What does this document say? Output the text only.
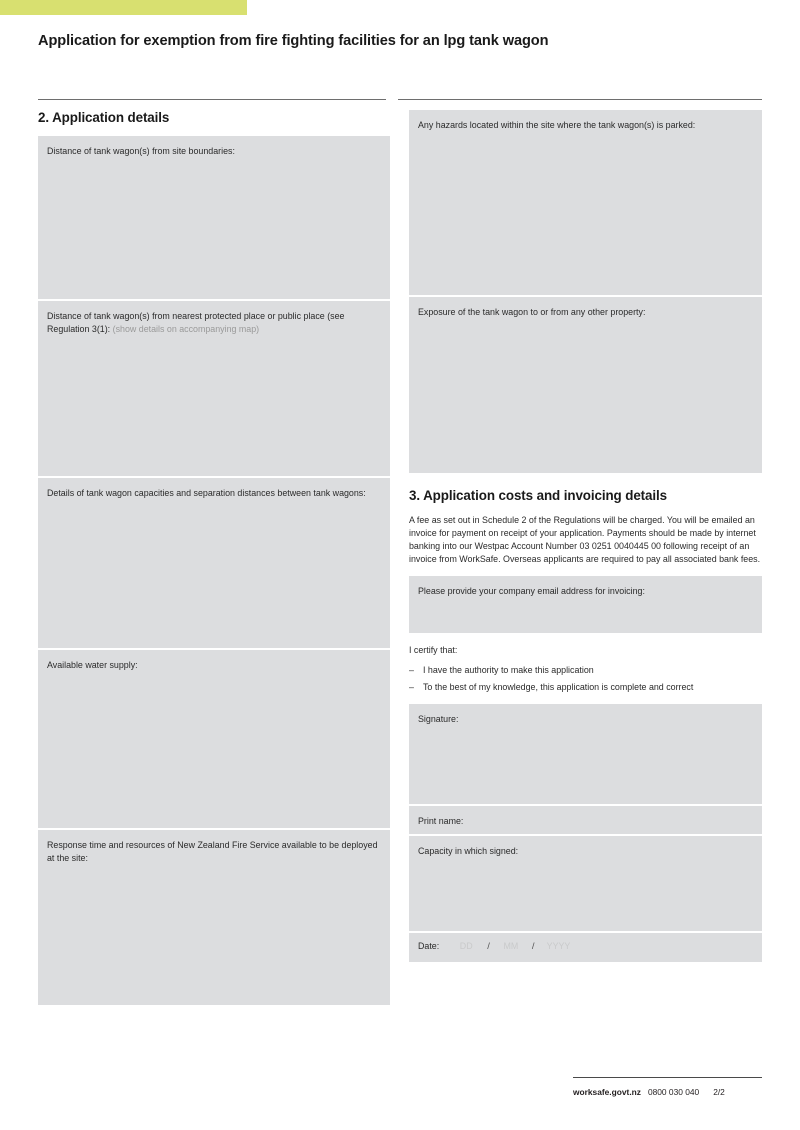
Application for exemption from fire fighting facilities for an lpg tank wagon
2. Application details
Distance of tank wagon(s) from site boundaries:
Distance of tank wagon(s) from nearest protected place or public place (see Regulation 3(1): (show details on accompanying map)
Details of tank wagon capacities and separation distances between tank wagons:
Available water supply:
Response time and resources of New Zealand Fire Service available to be deployed at the site:
Any hazards located within the site where the tank wagon(s) is parked:
Exposure of the tank wagon to or from any other property:
3. Application costs and invoicing details
A fee as set out in Schedule 2 of the Regulations will be charged. You will be emailed an invoice for payment on receipt of your application. Payments should be made by internet banking into our Westpac Account Number 03 0251 0040445 00 following receipt of an invoice from WorkSafe. Overseas applicants are required to pay all associated bank fees.
Please provide your company email address for invoicing:
I certify that:
– I have the authority to make this application
– To the best of my knowledge, this application is complete and correct
Signature:
Print name:
Capacity in which signed:
Date:	DD	/	MM	/	YYYY
worksafe.govt.nz 0800 030 040 2/2
